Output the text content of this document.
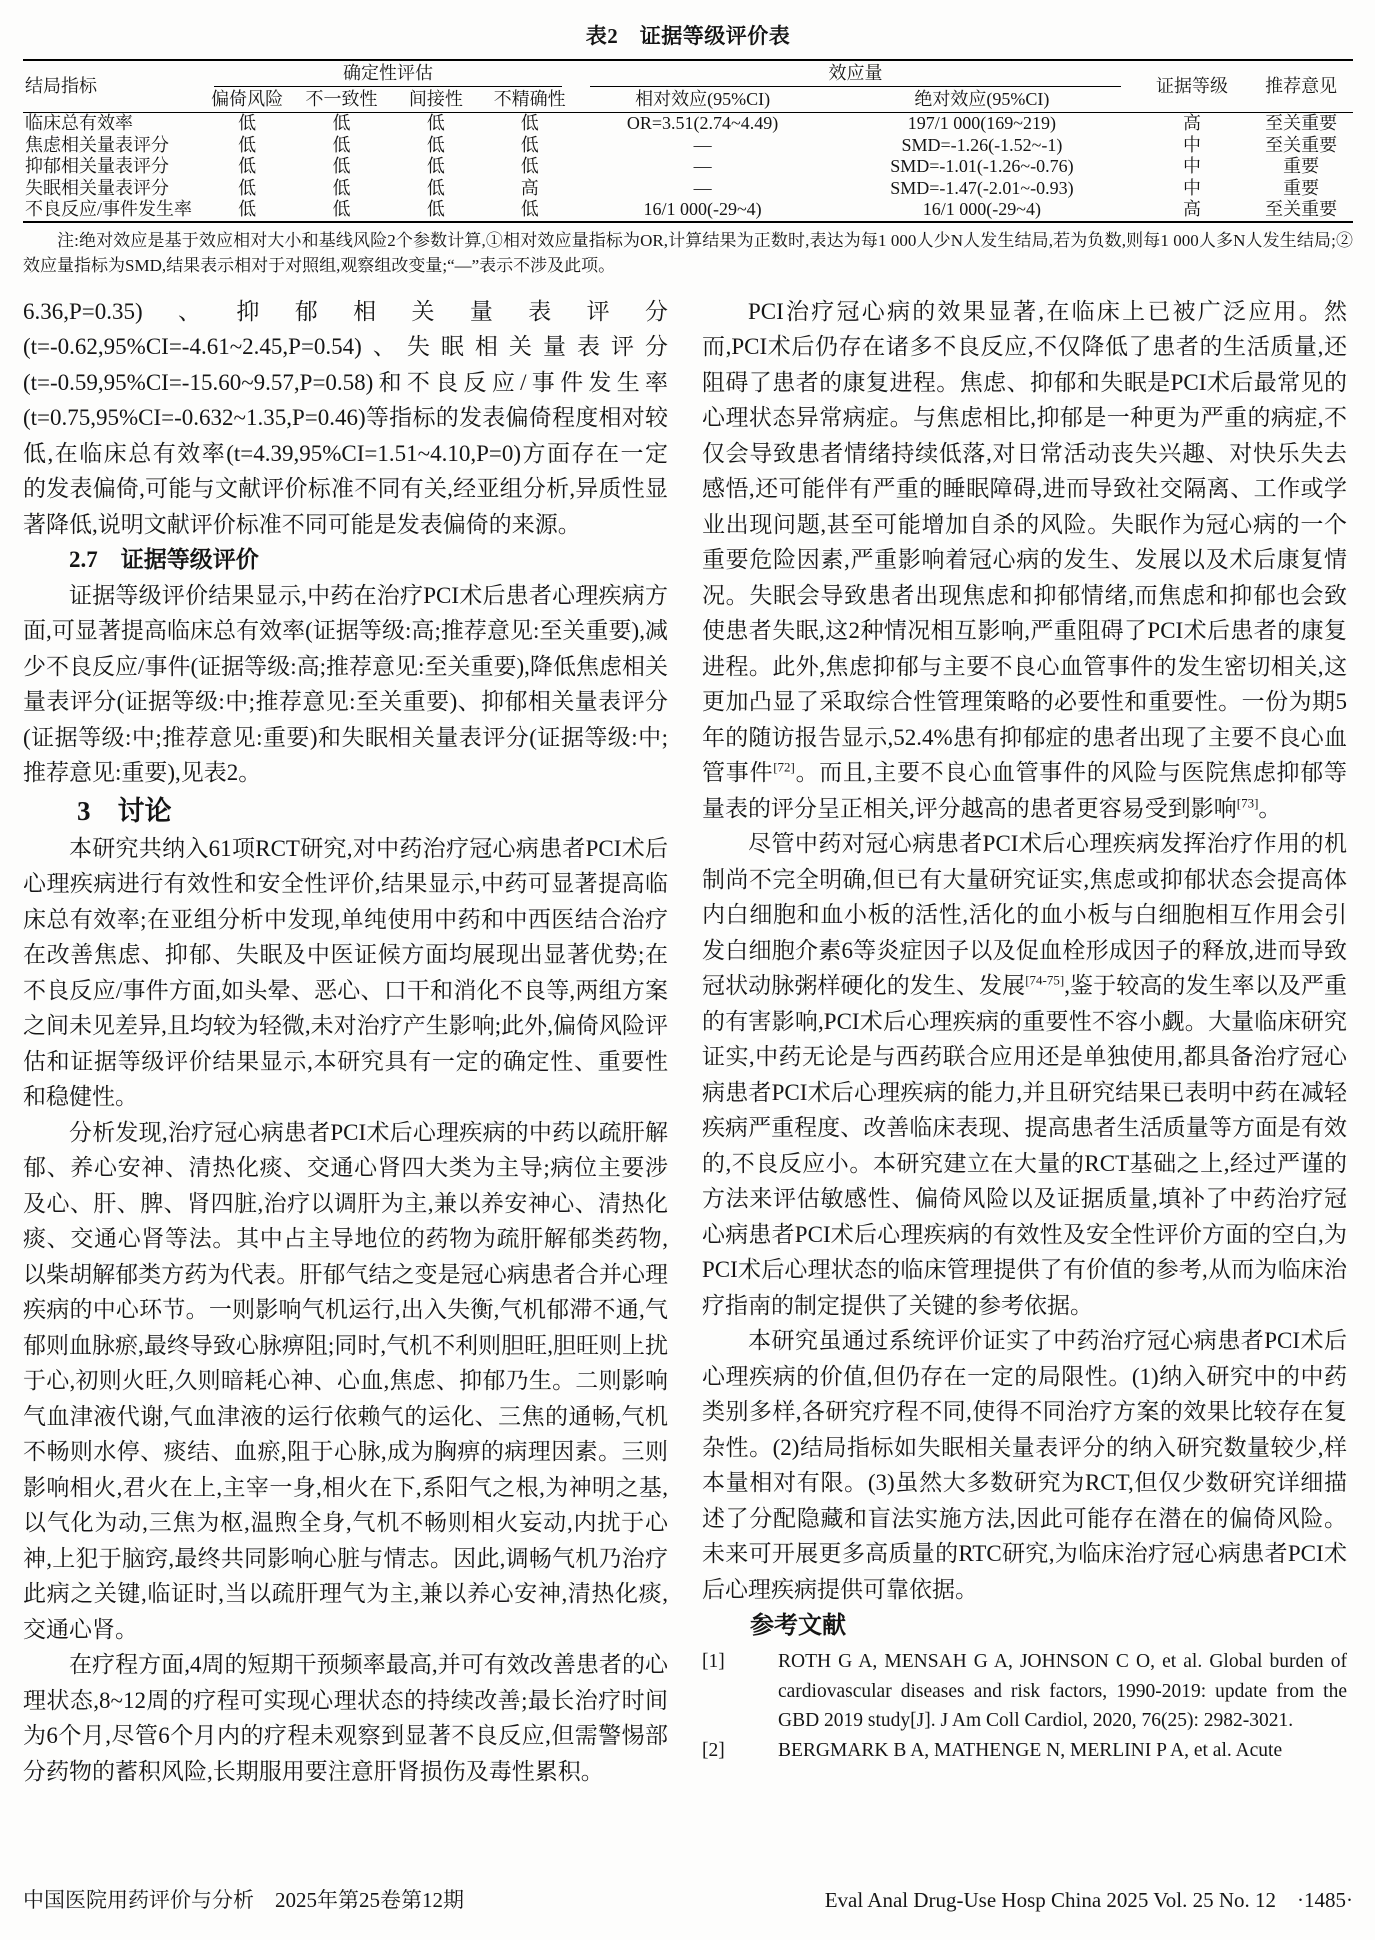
表2　证据等级评价表
结局指标	确定性评估				效应量		证据等级	推荐意见
	偏倚风险	不一致性	间接性	不精确性	相对效应(95%CI)	绝对效应(95%CI)		
临床总有效率	低	低	低	低	OR=3.51(2.74~4.49)	197/1 000(169~219)	高	至关重要
焦虑相关量表评分	低	低	低	低	—	SMD=-1.26(-1.52~-1)	中	至关重要
抑郁相关量表评分	低	低	低	低	—	SMD=-1.01(-1.26~-0.76)	中	重要
失眠相关量表评分	低	低	低	高	—	SMD=-1.47(-2.01~-0.93)	中	重要
不良反应/事件发生率	低	低	低	低	16/1 000(-29~4)	16/1 000(-29~4)	高	至关重要

注:绝对效应是基于效应相对大小和基线风险2个参数计算,①相对效应量指标为OR,计算结果为正数时,表达为每1 000人少N人发生结局,若为负数,则每1 000人多N人发生结局;②效应量指标为SMD,结果表示相对于对照组,观察组改变量;“—”表示不涉及此项。

6.36,P=0.35)、抑郁相关量表评分(t=-0.62,95%CI=-4.61~2.45,P=0.54)、失眠相关量表评分(t=-0.59,95%CI=-15.60~9.57,P=0.58)和不良反应/事件发生率(t=0.75,95%CI=-0.632~1.35,P=0.46)等指标的发表偏倚程度相对较低,在临床总有效率(t=4.39,95%CI=1.51~4.10,P=0)方面存在一定的发表偏倚,可能与文献评价标准不同有关,经亚组分析,异质性显著降低,说明文献评价标准不同可能是发表偏倚的来源。

2.7　证据等级评价

证据等级评价结果显示,中药在治疗PCI术后患者心理疾病方面,可显著提高临床总有效率(证据等级:高;推荐意见:至关重要),减少不良反应/事件(证据等级:高;推荐意见:至关重要),降低焦虑相关量表评分(证据等级:中;推荐意见:至关重要)、抑郁相关量表评分(证据等级:中;推荐意见:重要)和失眠相关量表评分(证据等级:中;推荐意见:重要),见表2。

3　讨论

本研究共纳入61项RCT研究,对中药治疗冠心病患者PCI术后心理疾病进行有效性和安全性评价,结果显示,中药可显著提高临床总有效率;在亚组分析中发现,单纯使用中药和中西医结合治疗在改善焦虑、抑郁、失眠及中医证候方面均展现出显著优势;在不良反应/事件方面,如头晕、恶心、口干和消化不良等,两组方案之间未见差异,且均较为轻微,未对治疗产生影响;此外,偏倚风险评估和证据等级评价结果显示,本研究具有一定的确定性、重要性和稳健性。

分析发现,治疗冠心病患者PCI术后心理疾病的中药以疏肝解郁、养心安神、清热化痰、交通心肾四大类为主导;病位主要涉及心、肝、脾、肾四脏,治疗以调肝为主,兼以养安神心、清热化痰、交通心肾等法。其中占主导地位的药物为疏肝解郁类药物,以柴胡解郁类方药为代表。肝郁气结之变是冠心病患者合并心理疾病的中心环节。一则影响气机运行,出入失衡,气机郁滞不通,气郁则血脉瘀,最终导致心脉痹阻;同时,气机不利则胆旺,胆旺则上扰于心,初则火旺,久则暗耗心神、心血,焦虑、抑郁乃生。二则影响气血津液代谢,气血津液的运行依赖气的运化、三焦的通畅,气机不畅则水停、痰结、血瘀,阻于心脉,成为胸痹的病理因素。三则影响相火,君火在上,主宰一身,相火在下,系阳气之根,为神明之基,以气化为动,三焦为枢,温煦全身,气机不畅则相火妄动,内扰于心神,上犯于脑窍,最终共同影响心脏与情志。因此,调畅气机乃治疗此病之关键,临证时,当以疏肝理气为主,兼以养心安神,清热化痰,交通心肾。

在疗程方面,4周的短期干预频率最高,并可有效改善患者的心理状态,8~12周的疗程可实现心理状态的持续改善;最长治疗时间为6个月,尽管6个月内的疗程未观察到显著不良反应,但需警惕部分药物的蓄积风险,长期服用要注意肝肾损伤及毒性累积。

PCI治疗冠心病的效果显著,在临床上已被广泛应用。然而,PCI术后仍存在诸多不良反应,不仅降低了患者的生活质量,还阻碍了患者的康复进程。焦虑、抑郁和失眠是PCI术后最常见的心理状态异常病症。与焦虑相比,抑郁是一种更为严重的病症,不仅会导致患者情绪持续低落,对日常活动丧失兴趣、对快乐失去感悟,还可能伴有严重的睡眠障碍,进而导致社交隔离、工作或学业出现问题,甚至可能增加自杀的风险。失眠作为冠心病的一个重要危险因素,严重影响着冠心病的发生、发展以及术后康复情况。失眠会导致患者出现焦虑和抑郁情绪,而焦虑和抑郁也会致使患者失眠,这2种情况相互影响,严重阻碍了PCI术后患者的康复进程。此外,焦虑抑郁与主要不良心血管事件的发生密切相关,这更加凸显了采取综合性管理策略的必要性和重要性。一份为期5年的随访报告显示,52.4%患有抑郁症的患者出现了主要不良心血管事件[72]。而且,主要不良心血管事件的风险与医院焦虑抑郁等量表的评分呈正相关,评分越高的患者更容易受到影响[73]。

尽管中药对冠心病患者PCI术后心理疾病发挥治疗作用的机制尚不完全明确,但已有大量研究证实,焦虑或抑郁状态会提高体内白细胞和血小板的活性,活化的血小板与白细胞相互作用会引发白细胞介素6等炎症因子以及促血栓形成因子的释放,进而导致冠状动脉粥样硬化的发生、发展[74-75],鉴于较高的发生率以及严重的有害影响,PCI术后心理疾病的重要性不容小觑。大量临床研究证实,中药无论是与西药联合应用还是单独使用,都具备治疗冠心病患者PCI术后心理疾病的能力,并且研究结果已表明中药在减轻疾病严重程度、改善临床表现、提高患者生活质量等方面是有效的,不良反应小。本研究建立在大量的RCT基础之上,经过严谨的方法来评估敏感性、偏倚风险以及证据质量,填补了中药治疗冠心病患者PCI术后心理疾病的有效性及安全性评价方面的空白,为PCI术后心理状态的临床管理提供了有价值的参考,从而为临床治疗指南的制定提供了关键的参考依据。

本研究虽通过系统评价证实了中药治疗冠心病患者PCI术后心理疾病的价值,但仍存在一定的局限性。(1)纳入研究中的中药类别多样,各研究疗程不同,使得不同治疗方案的效果比较存在复杂性。(2)结局指标如失眠相关量表评分的纳入研究数量较少,样本量相对有限。(3)虽然大多数研究为RCT,但仅少数研究详细描述了分配隐藏和盲法实施方法,因此可能存在潜在的偏倚风险。未来可开展更多高质量的RTC研究,为临床治疗冠心病患者PCI术后心理疾病提供可靠依据。

参考文献

[1]	ROTH G A, MENSAH G A, JOHNSON C O, et al. Global burden of cardiovascular diseases and risk factors, 1990-2019: update from the GBD 2019 study[J]. J Am Coll Cardiol, 2020, 76(25): 2982-3021.
[2]	BERGMARK B A, MATHENGE N, MERLINI P A, et al. Acute
中国医院用药评价与分析　2025年第25卷第12期	Eval Anal Drug-Use Hosp China 2025 Vol. 25 No. 12　·1485·
